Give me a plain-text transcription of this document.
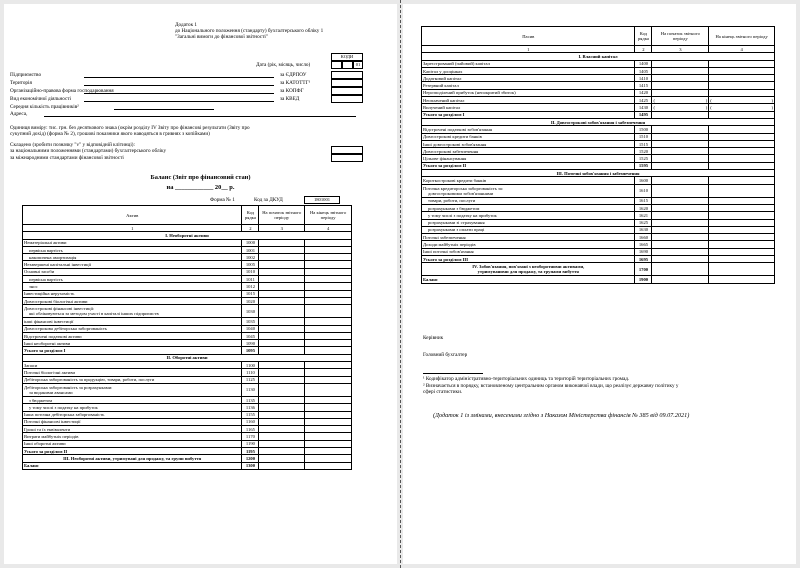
Додаток 1
до Національного положення (стандарту) бухгалтерського обліку 1
"Загальні вимоги до фінансової звітності"
КОДИ
Дата (рік, місяць, число)	01
Підприємство	за ЄДРПОУ
Територія	за КАТОТТГ¹
Організаційно-правова форма господарювання	за КОПФГ
Вид економічної діяльності	за КВЕД
Середня кількість працівників²
Адреса,
Одиниця виміру: тис. грн. без десяткового знака (окрім розділу IV Звіту про фінансові результати (Звіту про
сукупний дохід) (форма № 2), грошові показники якого наводяться в гривнях з копійками)
Складено (зробити позначку "v" у відповідній клітинці):
за національними положеннями (стандартами) бухгалтерського обліку
за міжнародними стандартами фінансової звітності
Баланс (Звіт про фінансовий стан)
на ____________ 20__ р.
Форма № 1	Код за ДКУД	1801001
Актив	Код рядка	На початок звітного періоду	На кінець звітного періоду
1	2	3	4
I. Необоротні активи			

Нематеріальні активи	1000		

первісна вартість	1001		

накопичена амортизація	1002		

Незавершені капітальні інвестиції	1005		

Основні засоби	1010		

первісна вартість	1011		

знос	1012		

Інвестиційна нерухомість	1015		

Довгострокові біологічні активи	1020		

Довгострокові фінансові інвестиції:
які обліковуються за методом участі в капіталі інших підприємств	1030		

інші фінансові інвестиції	1035		

Довгострокова дебіторська заборгованість	1040		

Відстрочені податкові активи	1045		

Інші необоротні активи	1090		

Усього за розділом I	1095		
II. Оборотні активи			

Запаси	1100		

Поточні біологічні активи	1110		

Дебіторська заборгованість за продукцію, товари, роботи, послуги	1125		

Дебіторська заборгованість за розрахунками:
за виданими авансами	1130		

з бюджетом	1135		

у тому числі з податку на прибуток	1136		

Інша поточна дебіторська заборгованість	1155		

Поточні фінансові інвестиції	1160		

Гроші та їх еквіваленти	1165		

Витрати майбутніх періодів	1170		

Інші оборотні активи	1190		

Усього за розділом II	1195		

III. Необоротні активи, утримувані для продажу, та групи вибуття	1200		

Баланс	1300		
Пасив	Код рядка	На початок звітного періоду	На кінець звітного періоду
1	2	3	4
I. Власний капітал			

Зареєстрований (пайовий) капітал	1400		

Капітал у дооцінках	1405		

Додатковий капітал	1410		

Резервний капітал	1415		

Нерозподілений прибуток (непокритий збиток)	1420		

Неоплачений капітал	1425	( )	( )

Вилучений капітал	1430	( )	( )

Усього за розділом I	1495		
II. Довгострокові зобов'язання і забезпечення			

Відстрочені податкові зобов'язання	1500		

Довгострокові кредити банків	1510		

Інші довгострокові зобов'язання	1515		

Довгострокові забезпечення	1520		

Цільове фінансування	1525		

Усього за розділом II	1595		
III. Поточні зобов'язання і забезпечення			

Короткострокові кредити банків	1600		

Поточна кредиторська заборгованість за:
довгостроковими зобов'язаннями	1610		

товари, роботи, послуги	1615		

розрахунками з бюджетом	1620		

у тому числі з податку на прибуток	1621		

розрахунками зі страхування	1625		

розрахунками з оплати праці	1630		

Поточні забезпечення	1660		

Доходи майбутніх періодів	1665		

Інші поточні зобов'язання	1690		

Усього за розділом III	1695		

IV. Зобов'язання, пов'язані з необоротними активами,
утримуваними для продажу, та групами вибуття	1700		

Баланс	1900		
Керівник
Головний бухгалтер
¹ Кодифікатор адміністративно-територіальних одиниць та територій територіальних громад.
² Визначається в порядку, встановленому центральним органом виконавчої влади, що реалізує державну політику у
сфері статистики.
(Додаток 1 із змінами, внесеними згідно з Наказом Міністерства фінансів № 385 від 09.07.2021)
